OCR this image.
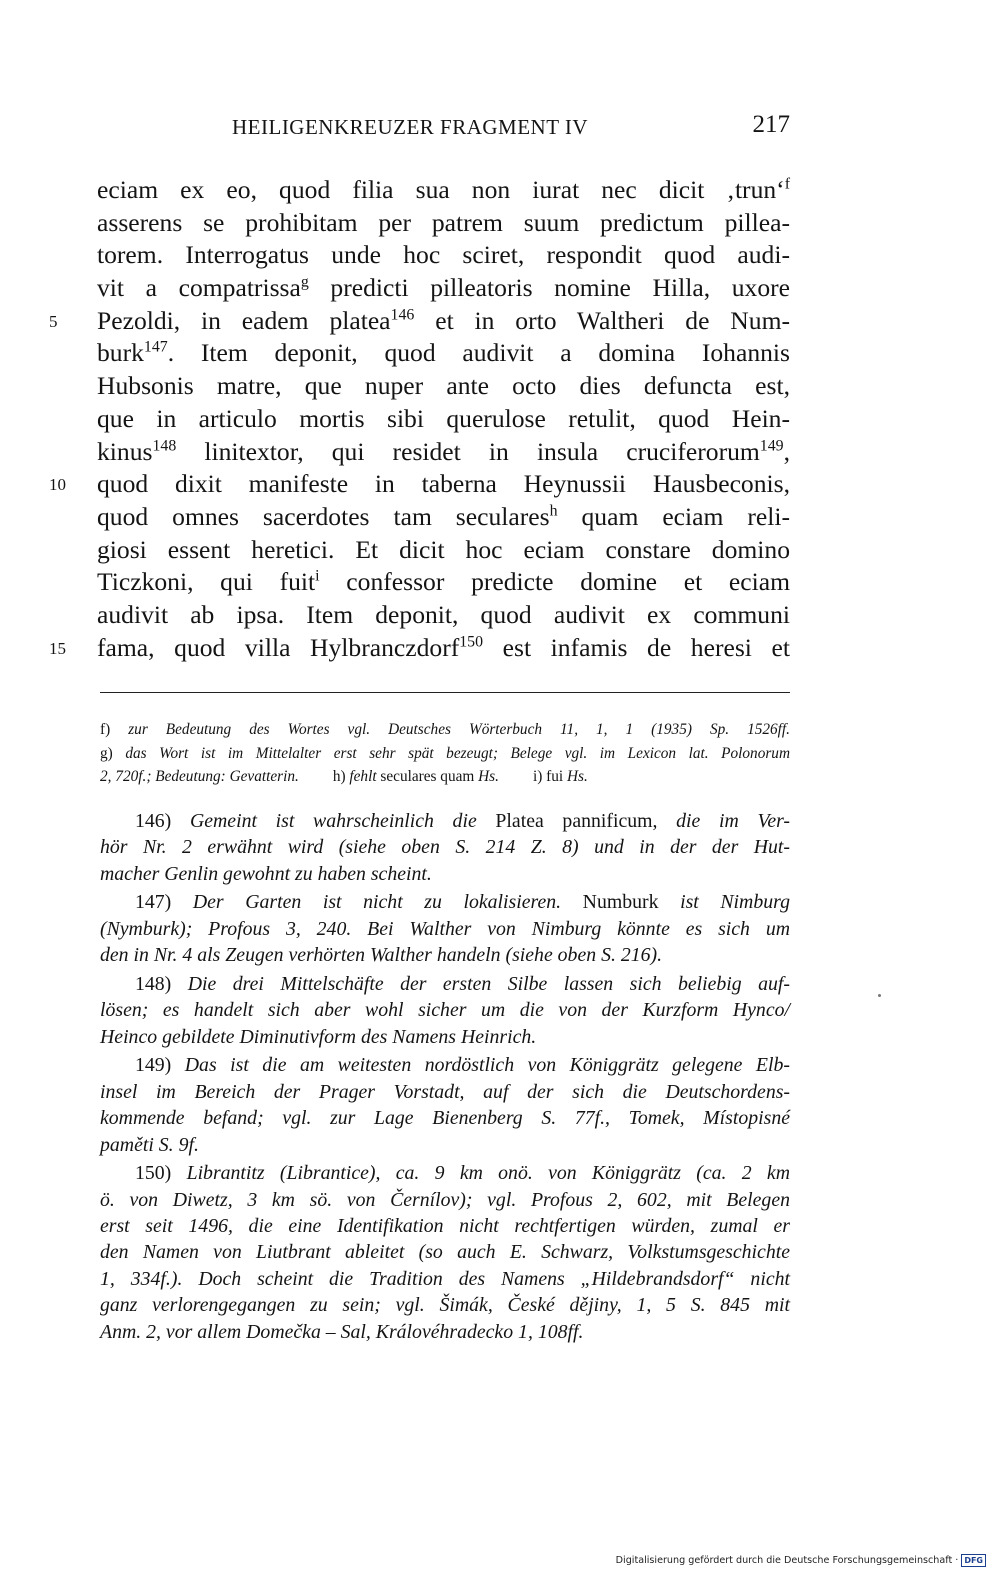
HEILIGENKREUZER FRAGMENT IV	217
eciam ex eo, quod filia sua non iurat nec dicit ‚trun‘$^f$
asserens se prohibitam per patrem suum predictum pillea-
torem. Interrogatus unde hoc sciret, respondit quod audi-
vit a compatrissa$^g$ predicti pilleatoris nomine Hilla, uxore
5	Pezoldi, in eadem platea$^{146}$ et in orto Waltheri de Num-
burk$^{147}$. Item deponit, quod audivit a domina Iohannis
Hubsonis matre, que nuper ante octo dies defuncta est,
que in articulo mortis sibi querulose retulit, quod Hein-
kinus$^{148}$ linitextor, qui residet in insula cruciferorum$^{149}$,
10	quod dixit manifeste in taberna Heynussii Hausbeconis,
quod omnes sacerdotes tam seculares$^h$ quam eciam reli-
giosi essent heretici. Et dicit hoc eciam constare domino
Ticzkoni, qui fuit$^i$ confessor predicte domine et eciam
audivit ab ipsa. Item deponit, quod audivit ex communi
15	fama, quod villa Hylbranczdorf$^{150}$ est infamis de heresi et
f) zur Bedeutung des Wortes vgl. Deutsches Wörterbuch 11, 1, 1 (1935) Sp. 1526ff.
g) das Wort ist im Mittelalter erst sehr spät bezeugt; Belege vgl. im Lexicon lat. Polonorum
2, 720f.; Bedeutung: Gevatterin. h) fehlt seculares quam Hs. i) fui Hs.
146) Gemeint ist wahrscheinlich die Platea pannificum, die im Ver-
hör Nr. 2 erwähnt wird (siehe oben S. 214 Z. 8) und in der der Hut-
macher Genlin gewohnt zu haben scheint.
147) Der Garten ist nicht zu lokalisieren. Numburk ist Nimburg
(Nymburk); Profous 3, 240. Bei Walther von Nimburg könnte es sich um
den in Nr. 4 als Zeugen verhörten Walther handeln (siehe oben S. 216).
148) Die drei Mittelschäfte der ersten Silbe lassen sich beliebig auf-
lösen; es handelt sich aber wohl sicher um die von der Kurzform Hynco/
Heinco gebildete Diminutivform des Namens Heinrich.
149) Das ist die am weitesten nordöstlich von Königgrätz gelegene Elb-
insel im Bereich der Prager Vorstadt, auf der sich die Deutschordens-
kommende befand; vgl. zur Lage Bienenberg S. 77f., Tomek, Místopisné
paměti S. 9f.
150) Librantitz (Librantice), ca. 9 km onö. von Königgrätz (ca. 2 km
ö. von Diwetz, 3 km sö. von Černílov); vgl. Profous 2, 602, mit Belegen
erst seit 1496, die eine Identifikation nicht rechtfertigen würden, zumal er
den Namen von Liutbrant ableitet (so auch E. Schwarz, Volkstumsgeschichte
1, 334f.). Doch scheint die Tradition des Namens „Hildebrandsdorf“ nicht
ganz verlorengegangen zu sein; vgl. Šimák, České dějiny, 1, 5 S. 845 mit
Anm. 2, vor allem Domečka – Sal, Královéhradecko 1, 108ff.
Digitalisierung gefördert durch die Deutsche Forschungsgemeinschaft · DFG
